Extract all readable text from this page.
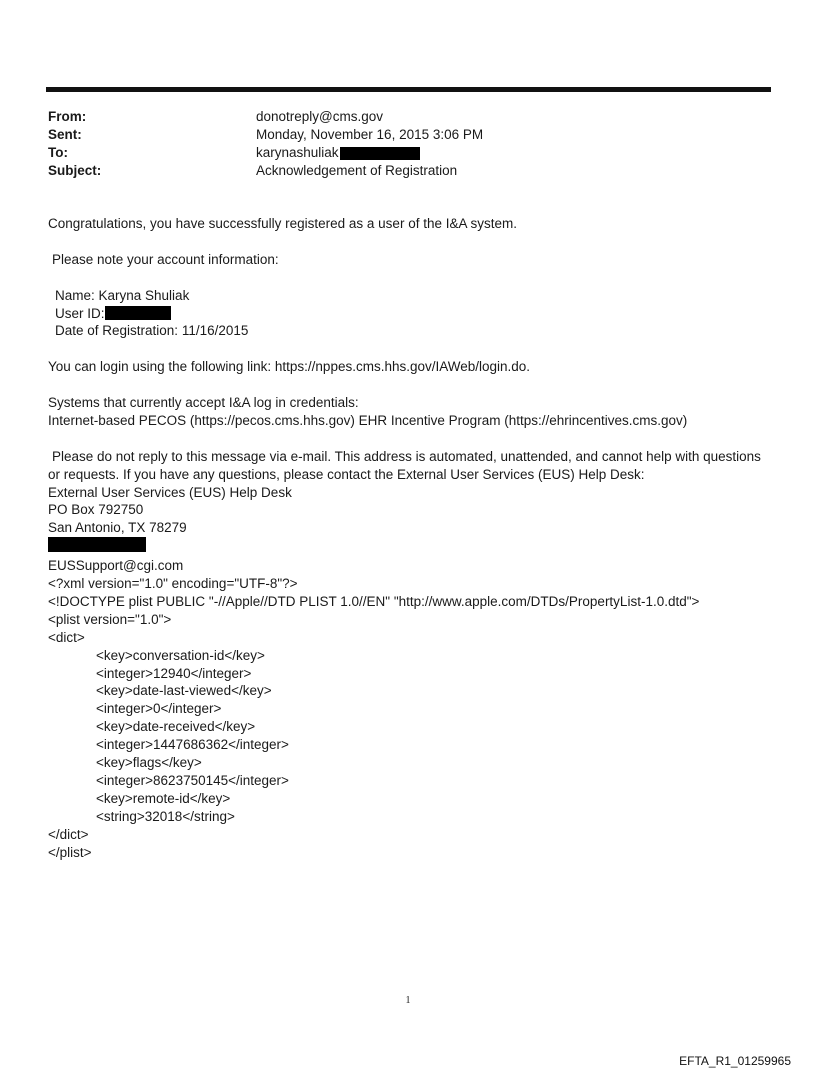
From:	donotreply@cms.gov
Sent:	Monday, November 16, 2015 3:06 PM
To:	karynashuliak
Subject:	Acknowledgement of Registration

Congratulations, you have successfully registered as a user of the I&A system.

Please note your account information:

Name: Karyna Shuliak

User ID:

Date of Registration: 11/16/2015

You can login using the following link: https://nppes.cms.hhs.gov/IAWeb/login.do.

Systems that currently accept I&A log in credentials:

Internet-based PECOS (https://pecos.cms.hhs.gov) EHR Incentive Program (https://ehrincentives.cms.gov)

Please do not reply to this message via e-mail. This address is automated, unattended, and cannot help with questions

or requests. If you have any questions, please contact the External User Services (EUS) Help Desk:

External User Services (EUS) Help Desk

PO Box 792750

San Antonio, TX 78279

EUSSupport@cgi.com

<?xml version="1.0" encoding="UTF-8"?>

<!DOCTYPE plist PUBLIC "-//Apple//DTD PLIST 1.0//EN" "http://www.apple.com/DTDs/PropertyList-1.0.dtd">

<plist version="1.0">

<dict>

<key>conversation-id</key>

<integer>12940</integer>

<key>date-last-viewed</key>

<integer>0</integer>

<key>date-received</key>

<integer>1447686362</integer>

<key>flags</key>

<integer>8623750145</integer>

<key>remote-id</key>

<string>32018</string>

</dict>

</plist>

1
EFTA_R1_01259965
